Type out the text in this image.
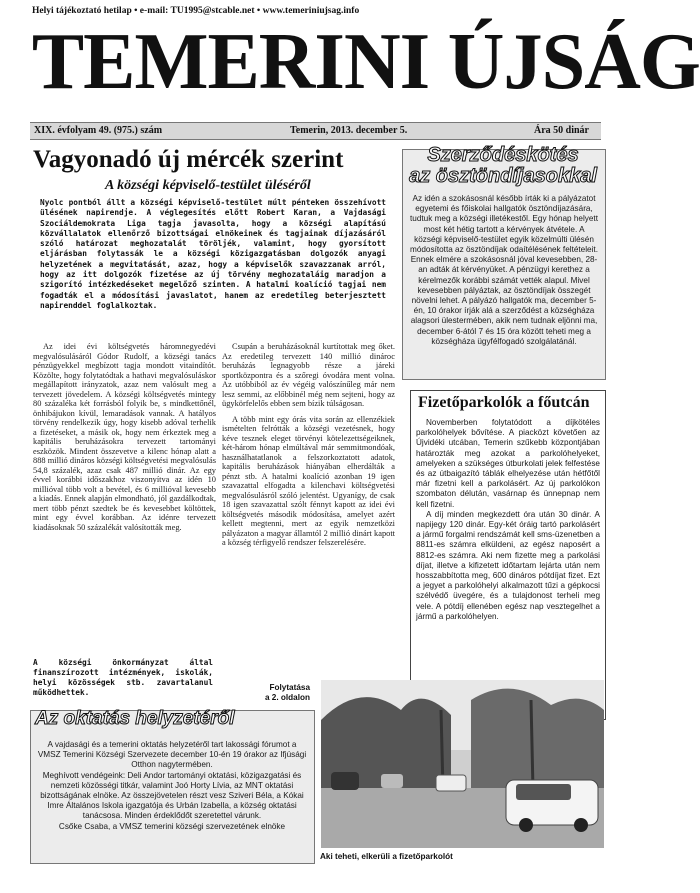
Helyi tájékoztató hetilap • e-mail: TU1995@stcable.net • www.temeriniujsag.info
TEMERINI ÚJSÁG
XIX. évfolyam 49. (975.) szám	Temerin, 2013. december 5.	Ára 50 dinár
Vagyonadó új mércék szerint
A községi képviselő-testület üléséről
Nyolc pontból állt a községi képviselő-testület múlt pénteken összehívott ülésének napirendje. A véglegesítés előtt Robert Karan, a Vajdasági Szociáldemokrata Liga tagja javasolta, hogy a községi alapítású közvállalatok ellenőrző bizottságai elnökeinek és tagjainak díjazásáról szóló határozat meghozatalát töröljék, valamint, hogy gyorsított eljárásban folytassák le a községi közigazgatásban dolgozók anyagi helyzetének a megvitatását, azaz, hogy a képviselők szavazzanak arról, hogy az itt dolgozók fizetése az új törvény meghozataláig maradjon a szigorító intézkedéseket megelőző szinten. A hatalmi koalíció tagjai nem fogadták el a módosítási javaslatot, hanem az eredetileg beterjesztett napirenddel foglalkoztak.

Az idei évi költségvetés háromnegyedévi megvalósulásáról Gódor Rudolf, a községi tanács pénzügyekkel megbízott tagja mondott vitaindítót. Közölte, hogy folytatódtak a hathavi megvalósuláskor megállapított irányzatok, azaz nem valósult meg a tervezett jövedelem. A községi költségvetés mintegy 80 százaléka két forrásból folyik be, s mindkettőnél, önhibájukon kívül, lemaradások vannak. A hatályos törvény rendelkezik úgy, hogy kisebb adóval terhelik a fizetéseket, a másik ok, hogy nem érkeztek meg a kapitális beruházásokra tervezett tartományi eszközök. Mindent összevetve a kilenc hónap alatt a 888 millió dináros községi költségvetési megvalósulás 54,8 százalék, azaz csak 487 millió dinár. Az egy évvel korábbi időszakhoz viszonyítva az idén 10 millióval több volt a bevétel, és 6 millióval kevesebb a kiadás. Ennek alapján elmondható, jól gazdálkodtak, mert több pénzt szedtek be és kevesebbet költöttek, mint egy évvel korábban. Az idénre tervezett kiadásoknak 50 százalékát valósították meg.

A községi önkormányzat által finanszírozott intézmények, iskolák, helyi közösségek stb. zavartalanul működhettek.

Csupán a beruházásoknál kurtítottak meg őket. Az eredetileg tervezett 140 millió dinárос beruházás legnagyobb része a járeki sportközpontra és a szőregi óvodára ment volna. Az utóbbiból az év végéig valószínűleg már nem lesz semmi, az előbbinél még nem sejteni, hogy az ügykörfelelős ebben sem bízik túlságosan.

A több mint egy órás vita során az ellenzékiek ismételten felrótták a községi vezetésnek, hogy kéve tesznek eleget törvényi kötelezettségeiknek, két-három hónap elmúltával már semmitmondóak, használhatatlanok a felszorkoztatott adatok, kapitális beruházások hiányában elherdálták a pénzt stb. A hatalmi koalíció azonban 19 igen szavazattal elfogadta a kilenchavi költségvetési megvalósulásról szóló jelentést. Ugyanígy, de csak 18 igen szavazattal szólt fénnyt kapott az idei évi költségvetés második módosítása, amelyet azért kellett megtenni, mert az egyik nemzetközi pályázaton a magyar államtól 2 millió dinárt kapott a község térfigyelő rendszer felszerelésére.

Folytatása
a 2. oldalon
Szerződéskötés
az ösztöndíjasokkal
Az idén a szokásosnál később írták ki a pályázatot egyetemi és főiskolai hallgatók ösztöndíjazására, tudtuk meg a községi illetékestől. Egy hónap helyett most két hétig tartott a kérvények átvétele. A községi képviselő-testület egyik közelmúlti ülésén módosította az ösztöndíjak odaítélésének feltételeit. Ennek elmére a szokásosnál jóval kevesebben, 28-an adták át kérvényüket. A pénzügyi kerethez a kérelmezők korábbi számát vették alapul. Mivel kevesebben pályáztak, az ösztöndíjak összegét növelni lehet. A pályázó hallgatók ma, december 5-én, 10 órakor írják alá a szerződést a községháza alagsori ülestermében, akik nem tudnak eljönni ma, december 6-ától 7 és 15 óra között teheti meg a községháza ügyfélfogadó szolgálatánál.
Fizetőparkolók a főutcán

Novemberben folytatódott a díjkötéles parkolóhelyek bővítése. A piacközt követően az Újvidéki utcában, Temerin szűkebb központjában határozták meg azokat a parkolóhelyeket, amelyeken a szükséges útburkolati jelek felfestése és az útbaigazító táblák elhelyezése után hétfőtől már fizetni kell a parkolásért. Az új parkolókon szombaton délután, vasárnap és ünnepnap nem kell fizetni.

A díj minden megkezdett óra után 30 dinár. A napijegy 120 dinár. Egy-két óráig tartó parkolásért a jármű forgalmi rendszámát kell sms-üzenetben a 8811-es számra elküldeni, az egész naposért a 8812-es számra. Aki nem fizette meg a parkolási díjat, illetve a kifizetett időtartam lejárta után nem hosszabbította meg, 600 dináros pótdíjat fizet. Ezt a jegyet a parkolóhelyi alkalmazott tűzi a gépkocsi szélvédő üvegére, és a tulajdonost terheli meg vele. A pótdíj ellenében egész nap vesztegelhet a jármű a parkolóhelyen.

Az oktatás helyzetéről

A vajdasági és a temerini oktatás helyzetéről tart lakossági fórumot a VMSZ Temerini Községi Szervezete december 10-én 19 órakor az Ifjúsági Otthon nagytermében.

Meghívott vendégeink: Deli Andor tartományi oktatási, közigazgatási és nemzeti közösségi titkár, valamint Joó Horty Lívia, az MNT oktatási bizottságának elnöke. Az összejövetelen részt vesz Sziveri Béla, a Kókai Imre Általános Iskola igazgatója és Urbán Izabella, a község oktatási tanácsosa. Minden érdeklődőt szeretettel várunk.

Csőke Csaba, a VMSZ temerini községi szervezetének elnöke

Aki teheti, elkerüli a fizetőparkolót
